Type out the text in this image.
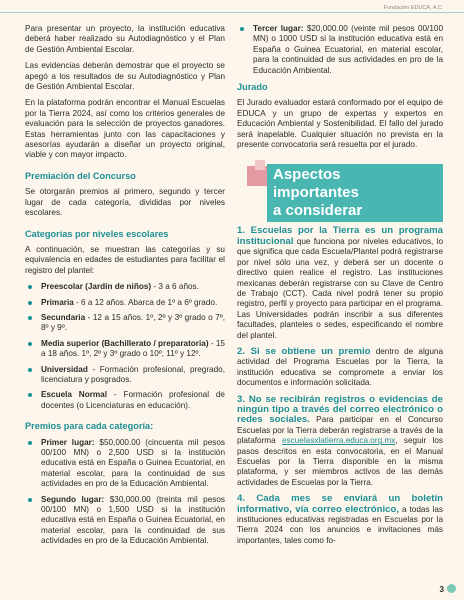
Fundación EDUCA, A.C

Para presentar un proyecto, la institución educativa deberá haber realizado su Autodiagnóstico y el Plan de Gestión Ambiental Escolar.

Las evidencias deberán demostrar que el proyecto se apegó a los resultados de su Autodiagnóstico y Plan de Gestión Ambiental Escolar.

En la plataforma podrán encontrar el Manual Escuelas por la Tierra 2024, así como los criterios generales de evaluación para la selección de proyectos ganadores. Estas herramientas junto con las capacitaciones y asesorías ayudarán a diseñar un proyecto original, viable y con mayor impacto.

Premiación del Concurso

Se otorgarán premios al primero, segundo y tercer lugar de cada categoría, divididas por niveles escolares.

Categorías por niveles escolares

A continuación, se muestran las categorías y su equivalencia en edades de estudiantes para facilitar el registro del plantel:

Preescolar (Jardín de niños) - 3 a 6 años.
Primaria - 6 a 12 años. Abarca de 1º a 6º grado.
Secundaria - 12 a 15 años. 1º, 2º y 3º grado o 7º, 8º y 9º.
Media superior (Bachillerato / preparatoria) - 15 a 18 años. 1º, 2º y 3º grado o 10º, 11º y 12º.
Universidad - Formación profesional, pregrado, licenciatura y posgrados.
Escuela Normal - Formación profesional de docentes (o Licenciaturas en educación).
Premios para cada categoría:
Primer lugar: $50,000.00 (cincuenta mil pesos 00/100 MN) o 2,500 USD si la institución educativa está en España o Guinea Ecuatorial, en material escolar, para la continuidad de sus actividades en pro de la Educación Ambiental.
Segundo lugar: $30,000.00 (treinta mil pesos 00/100 MN) o 1,500 USD si la institución educativa está en España o Guinea Ecuatorial, en material escolar, para la continuidad de sus actividades en pro de la Educación Ambiental.
Tercer lugar: $20,000.00 (veinte mil pesos 00/100 MN) o 1000 USD si la institución educativa está en España o Guinea Ecuatorial, en material escolar, para la continuidad de sus actividades en pro de la Educación Ambiental.
Jurado

El Jurado evaluador estará conformado por el equipo de EDUCA y un grupo de expertas y expertos en Educación Ambiental y Sostenibilidad. El fallo del jurado será inapelable. Cualquier situación no prevista en la presente convocatoria será resuelta por el jurado.

Aspectos importantes
a considerar

1. Escuelas por la Tierra es un programa institucional que funciona por niveles educativos, lo que significa que cada Escuela/Plantel podrá registrarse por nivel sólo una vez, y deberá ser un docente o directivo quien realice el registro. Las instituciones mexicanas deberán registrarse con su Clave de Centro de Trabajo (CCT). Cada nivel podrá tener su propio registro, perfil y proyecto para participar en el programa. Las Universidades podrán inscribir a sus diferentes facultades, planteles o sedes, especificando el nombre del plantel.

2. Si se obtiene un premio dentro de alguna actividad del Programa Escuelas por la Tierra, la institución educativa se compromete a enviar los documentos e información solicitada.

3. No se recibirán registros o evidencias de ningún tipo a través del correo electrónico o redes sociales. Para participar en el Concurso Escuelas por la Tierra deberán registrarse a través de la plataforma escuelasxlatierra.educa.org.mx, seguir los pasos descritos en esta convocatoria, en el Manual Escuelas por la Tierra disponible en la misma plataforma, y ser miembros activos de las demás actividades de Escuelas por la Tierra.

4. Cada mes se enviará un boletín informativo, vía correo electrónico, a todas las instituciones educativas registradas en Escuelas por la Tierra 2024 con los anuncios e invitaciones más importantes, tales como fo-

3
